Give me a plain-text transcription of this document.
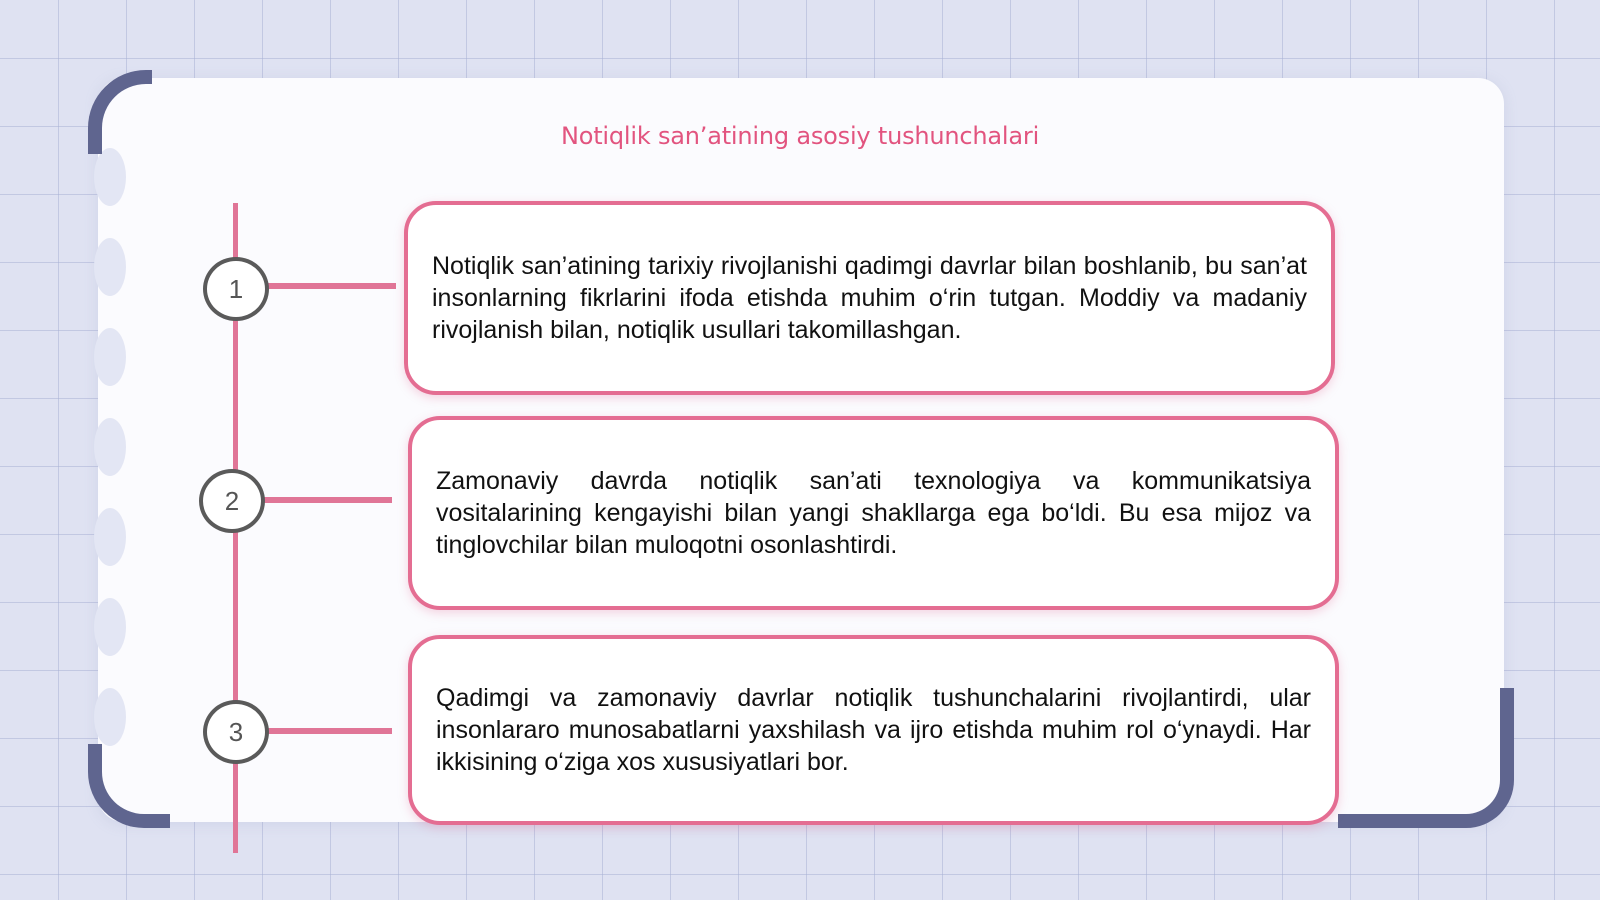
Notiqlik san’atining asosiy tushunchalari
1
2
3

Notiqlik san’atining tarixiy rivojlanishi qadimgi davrlar bilan boshlanib, bu san’at insonlarning fikrlarini ifoda etishda muhim o‘rin tutgan. Moddiy va madaniy rivojlanish bilan, notiqlik usullari takomillashgan.

Zamonaviy davrda notiqlik san’ati texnologiya va kommunikatsiya vositalarining kengayishi bilan yangi shakllarga ega bo‘ldi. Bu esa mijoz va tinglovchilar bilan muloqotni osonlashtirdi.

Qadimgi va zamonaviy davrlar notiqlik tushunchalarini rivojlantirdi, ular insonlararo munosabatlarni yaxshilash va ijro etishda muhim rol o‘ynaydi. Har ikkisining o‘ziga xos xususiyatlari bor.
